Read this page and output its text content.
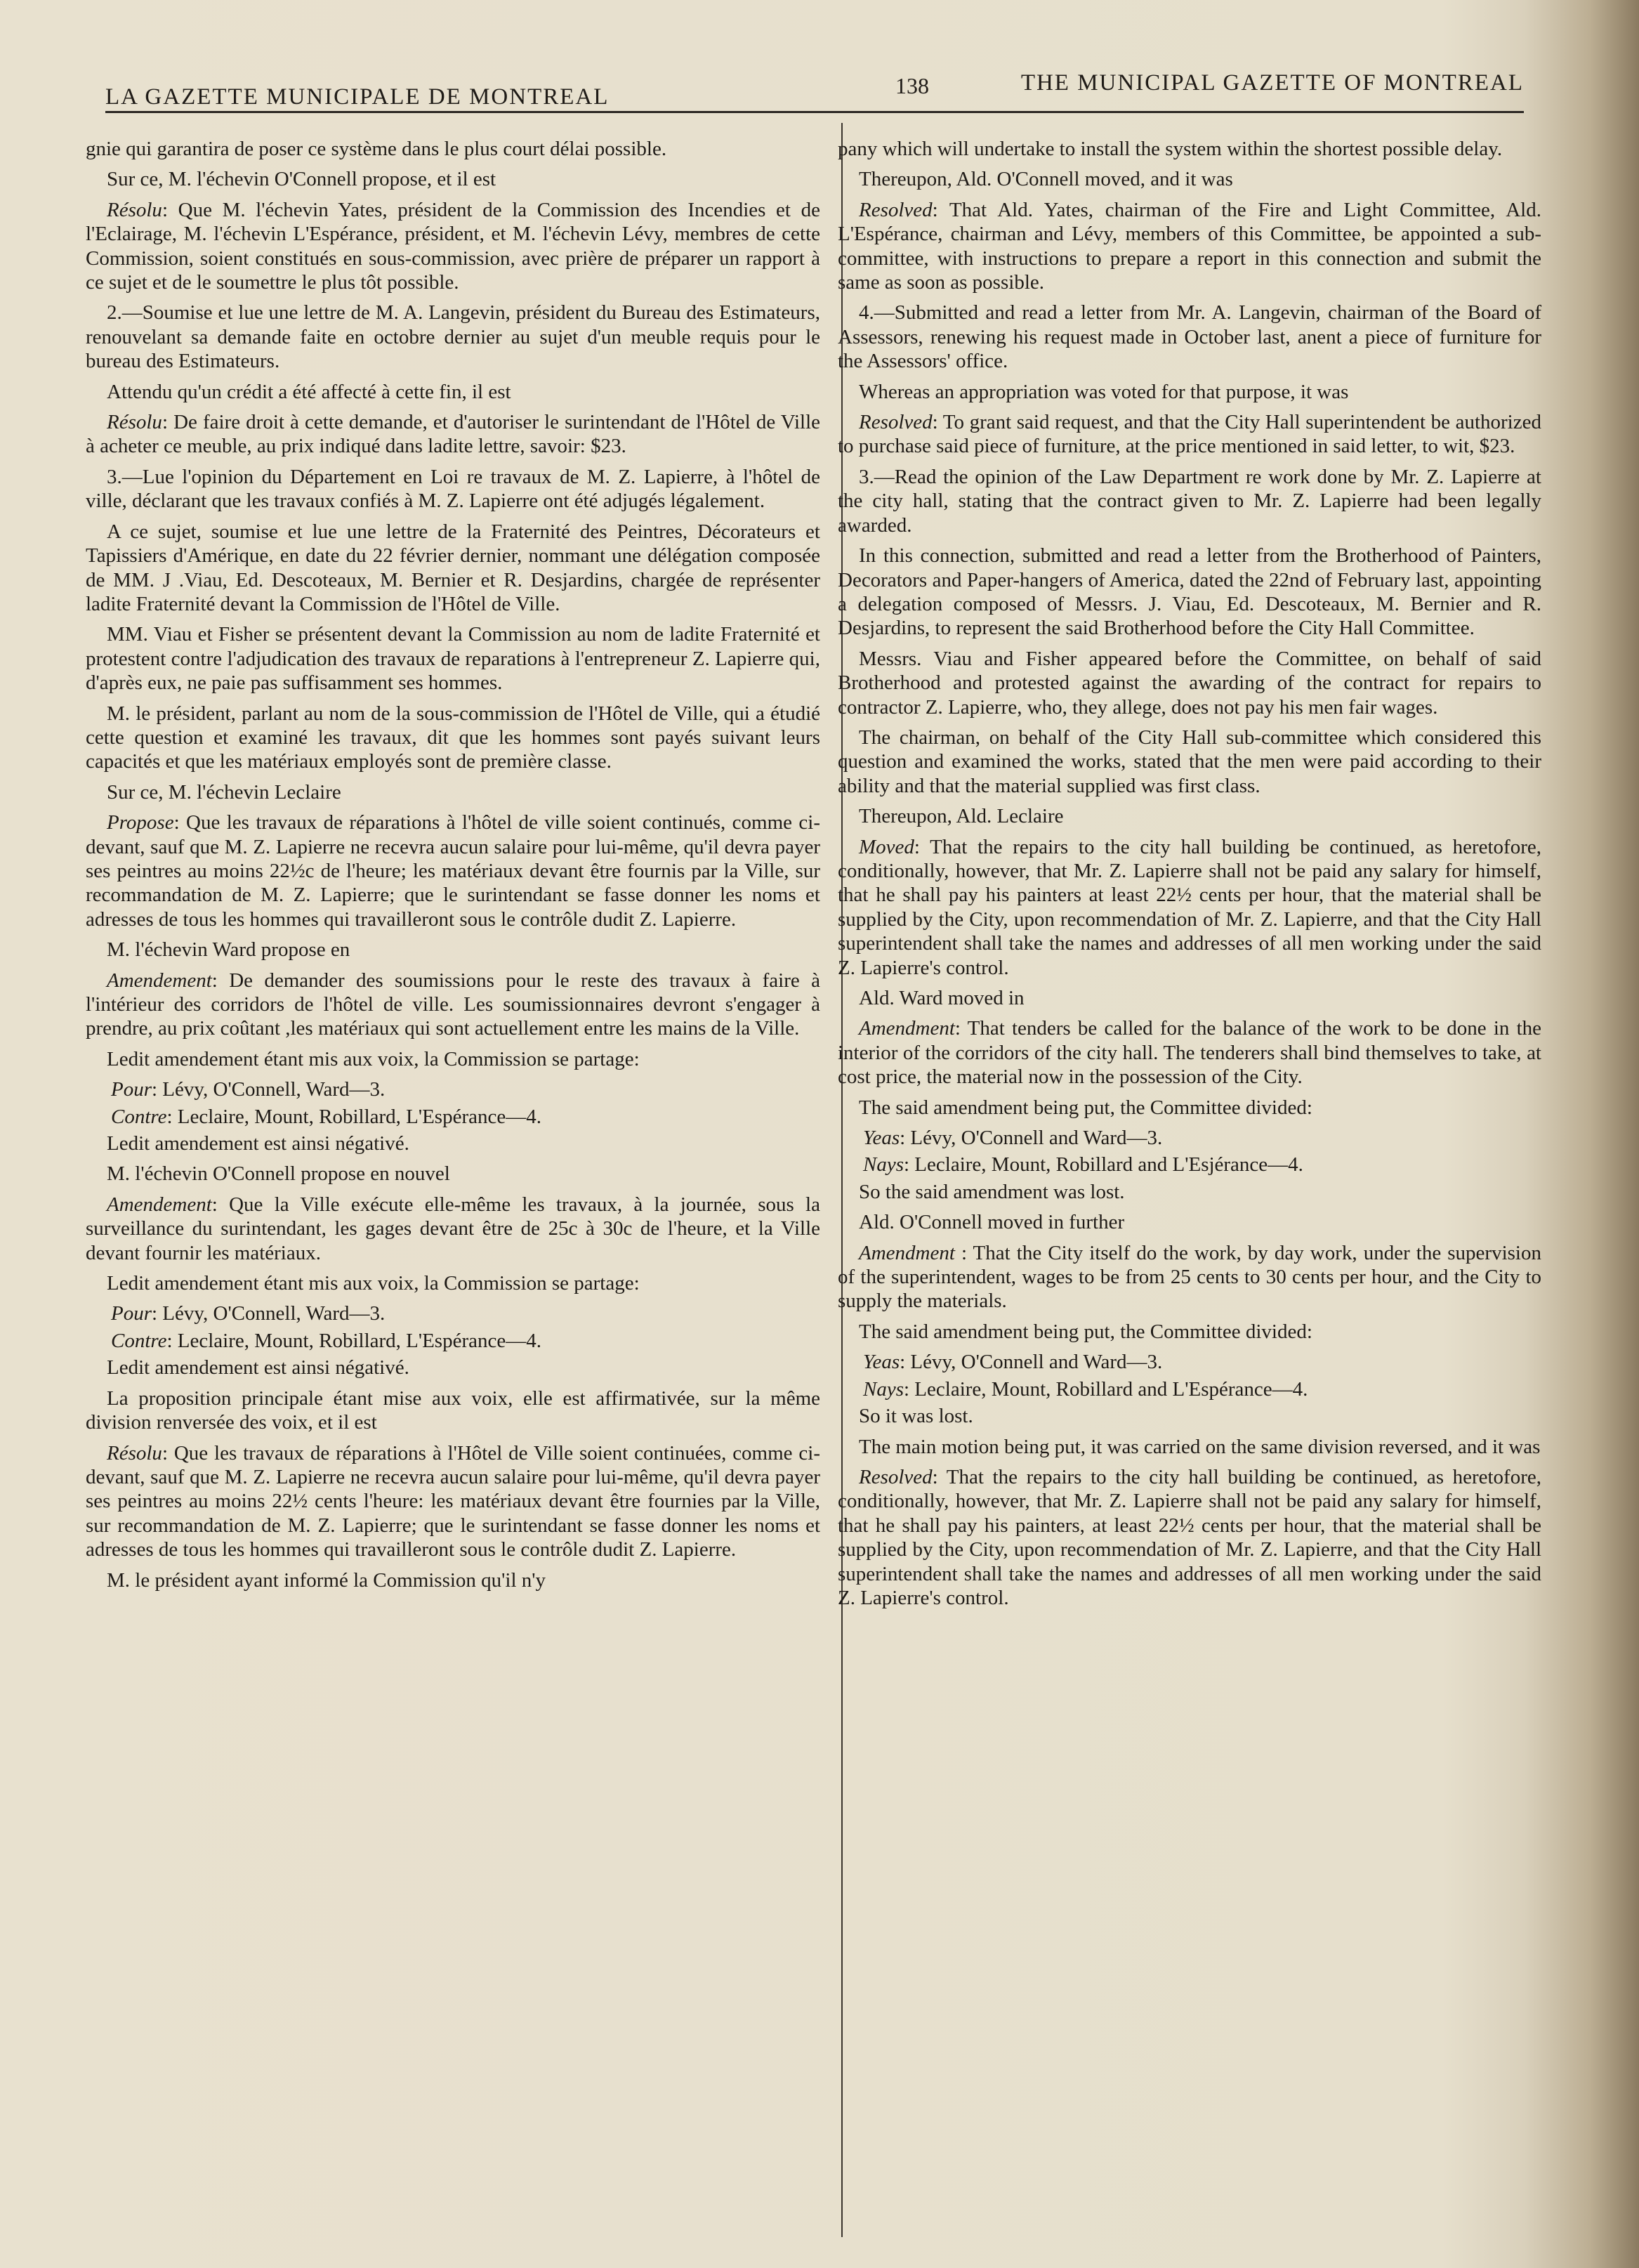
LA GAZETTE MUNICIPALE DE MONTREAL	138	THE MUNICIPAL GAZETTE OF MONTREAL

gnie qui garantira de poser ce système dans le plus court délai possible.

Sur ce, M. l'échevin O'Connell propose, et il est

Résolu: Que M. l'échevin Yates, président de la Commission des Incendies et de l'Eclairage, M. l'échevin L'Espérance, président, et M. l'échevin Lévy, membres de cette Commission, soient constitués en sous-commission, avec prière de préparer un rapport à ce sujet et de le soumettre le plus tôt possible.

2.—Soumise et lue une lettre de M. A. Langevin, président du Bureau des Estimateurs, renouvelant sa demande faite en octobre dernier au sujet d'un meuble requis pour le bureau des Estimateurs.

Attendu qu'un crédit a été affecté à cette fin, il est

Résolu: De faire droit à cette demande, et d'autoriser le surintendant de l'Hôtel de Ville à acheter ce meuble, au prix indiqué dans ladite lettre, savoir: $23.

3.—Lue l'opinion du Département en Loi re travaux de M. Z. Lapierre, à l'hôtel de ville, déclarant que les travaux confiés à M. Z. Lapierre ont été adjugés légalement.

A ce sujet, soumise et lue une lettre de la Fraternité des Peintres, Décorateurs et Tapissiers d'Amérique, en date du 22 février dernier, nommant une délégation composée de MM. J .Viau, Ed. Descoteaux, M. Bernier et R. Desjardins, chargée de représenter ladite Fraternité devant la Commission de l'Hôtel de Ville.

MM. Viau et Fisher se présentent devant la Commission au nom de ladite Fraternité et protestent contre l'adjudication des travaux de reparations à l'entrepreneur Z. Lapierre qui, d'après eux, ne paie pas suffisamment ses hommes.

M. le président, parlant au nom de la sous-commission de l'Hôtel de Ville, qui a étudié cette question et examiné les travaux, dit que les hommes sont payés suivant leurs capacités et que les matériaux employés sont de première classe.

Sur ce, M. l'échevin Leclaire

Propose: Que les travaux de réparations à l'hôtel de ville soient continués, comme ci-devant, sauf que M. Z. Lapierre ne recevra aucun salaire pour lui-même, qu'il devra payer ses peintres au moins 22½c de l'heure; les matériaux devant être fournis par la Ville, sur recommandation de M. Z. Lapierre; que le surintendant se fasse donner les noms et adresses de tous les hommes qui travailleront sous le contrôle dudit Z. Lapierre.

M. l'échevin Ward propose en

Amendement: De demander des soumissions pour le reste des travaux à faire à l'intérieur des corridors de l'hôtel de ville. Les soumissionnaires devront s'engager à prendre, au prix coûtant ,les matériaux qui sont actuellement entre les mains de la Ville.

Ledit amendement étant mis aux voix, la Commission se partage:

Pour: Lévy, O'Connell, Ward—3.

Contre: Leclaire, Mount, Robillard, L'Espérance—4.

Ledit amendement est ainsi négativé.

M. l'échevin O'Connell propose en nouvel

Amendement: Que la Ville exécute elle-même les travaux, à la journée, sous la surveillance du surintendant, les gages devant être de 25c à 30c de l'heure, et la Ville devant fournir les matériaux.

Ledit amendement étant mis aux voix, la Commission se partage:

Pour: Lévy, O'Connell, Ward—3.

Contre: Leclaire, Mount, Robillard, L'Espérance—4.

Ledit amendement est ainsi négativé.

La proposition principale étant mise aux voix, elle est affirmativée, sur la même division renversée des voix, et il est

Résolu: Que les travaux de réparations à l'Hôtel de Ville soient continuées, comme ci-devant, sauf que M. Z. Lapierre ne recevra aucun salaire pour lui-même, qu'il devra payer ses peintres au moins 22½ cents l'heure: les matériaux devant être fournies par la Ville, sur recommandation de M. Z. Lapierre; que le surintendant se fasse donner les noms et adresses de tous les hommes qui travailleront sous le contrôle dudit Z. Lapierre.

M. le président ayant informé la Commission qu'il n'y

pany which will undertake to install the system within the shortest possible delay.

Thereupon, Ald. O'Connell moved, and it was

Resolved: That Ald. Yates, chairman of the Fire and Light Committee, Ald. L'Espérance, chairman and Lévy, members of this Committee, be appointed a sub-committee, with instructions to prepare a report in this connection and submit the same as soon as possible.

4.—Submitted and read a letter from Mr. A. Langevin, chairman of the Board of Assessors, renewing his request made in October last, anent a piece of furniture for the Assessors' office.

Whereas an appropriation was voted for that purpose, it was

Resolved: To grant said request, and that the City Hall superintendent be authorized to purchase said piece of furniture, at the price mentioned in said letter, to wit, $23.

3.—Read the opinion of the Law Department re work done by Mr. Z. Lapierre at the city hall, stating that the contract given to Mr. Z. Lapierre had been legally awarded.

In this connection, submitted and read a letter from the Brotherhood of Painters, Decorators and Paper-hangers of America, dated the 22nd of February last, appointing a delegation composed of Messrs. J. Viau, Ed. Descoteaux, M. Bernier and R. Desjardins, to represent the said Brotherhood before the City Hall Committee.

Messrs. Viau and Fisher appeared before the Committee, on behalf of said Brotherhood and protested against the awarding of the contract for repairs to contractor Z. Lapierre, who, they allege, does not pay his men fair wages.

The chairman, on behalf of the City Hall sub-committee which considered this question and examined the works, stated that the men were paid according to their ability and that the material supplied was first class.

Thereupon, Ald. Leclaire

Moved: That the repairs to the city hall building be continued, as heretofore, conditionally, however, that Mr. Z. Lapierre shall not be paid any salary for himself, that he shall pay his painters at least 22½ cents per hour, that the material shall be supplied by the City, upon recommendation of Mr. Z. Lapierre, and that the City Hall superintendent shall take the names and addresses of all men working under the said Z. Lapierre's control.

Ald. Ward moved in

Amendment: That tenders be called for the balance of the work to be done in the interior of the corridors of the city hall. The tenderers shall bind themselves to take, at cost price, the material now in the possession of the City.

The said amendment being put, the Committee divided:

Yeas: Lévy, O'Connell and Ward—3.

Nays: Leclaire, Mount, Robillard and L'Esjérance—4.

So the said amendment was lost.

Ald. O'Connell moved in further

Amendment : That the City itself do the work, by day work, under the supervision of the superintendent, wages to be from 25 cents to 30 cents per hour, and the City to supply the materials.

The said amendment being put, the Committee divided:

Yeas: Lévy, O'Connell and Ward—3.

Nays: Leclaire, Mount, Robillard and L'Espérance—4.

So it was lost.

The main motion being put, it was carried on the same division reversed, and it was

Resolved: That the repairs to the city hall building be continued, as heretofore, conditionally, however, that Mr. Z. Lapierre shall not be paid any salary for himself, that he shall pay his painters, at least 22½ cents per hour, that the material shall be supplied by the City, upon recommendation of Mr. Z. Lapierre, and that the City Hall superintendent shall take the names and addresses of all men working under the said Z. Lapierre's control.
